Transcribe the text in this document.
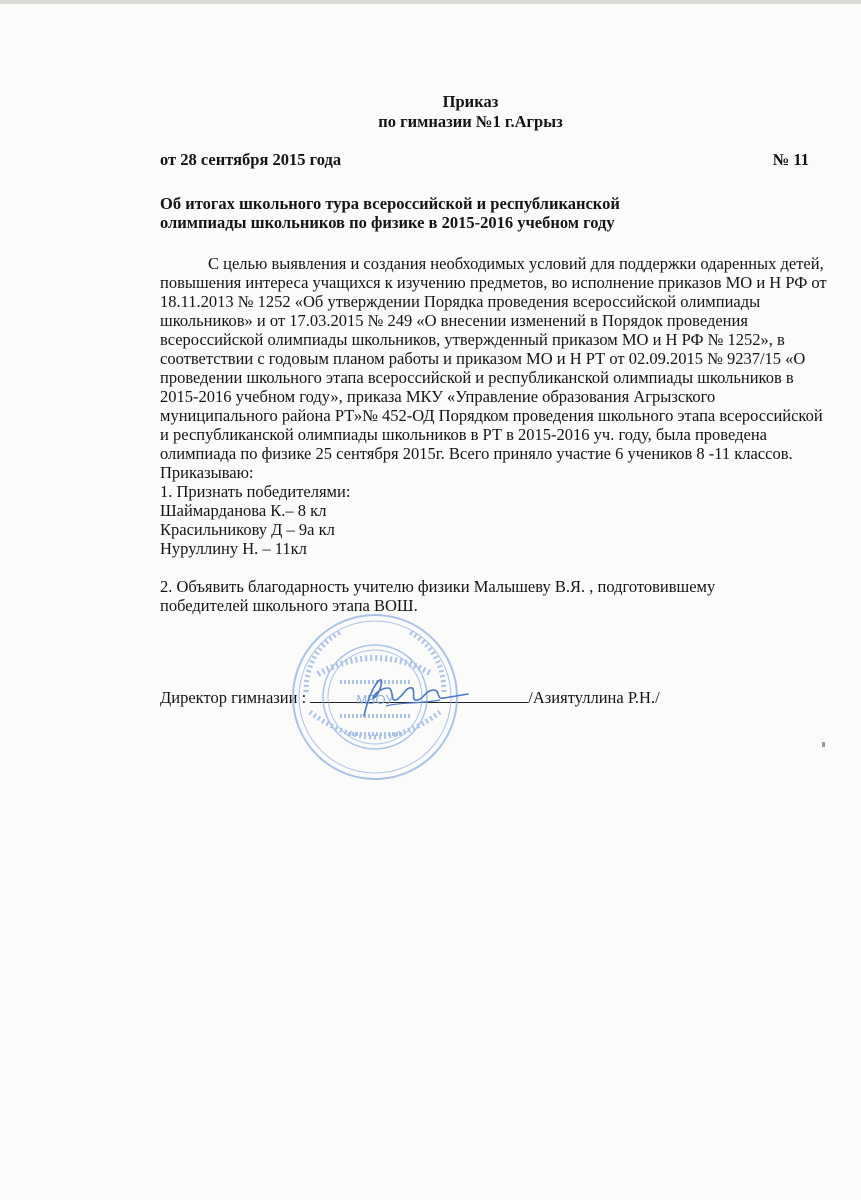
Приказ
по гимназии №1 г.Агрыз
от 28 сентября 2015 года	№ 11
Об итогах школьного тура всероссийской и республиканской
олимпиады школьников по физике в 2015-2016 учебном году

С целью выявления и создания необходимых условий для поддержки одаренных детей, повышения интереса учащихся к изучению предметов, во исполнение приказов МО и Н РФ от 18.11.2013 № 1252 «Об утверждении Порядка проведения всероссийской олимпиады школьников» и от 17.03.2015 № 249 «О внесении изменений в Порядок проведения всероссийской олимпиады школьников, утвержденный приказом МО и Н РФ № 1252», в соответствии с годовым планом работы и приказом МО и Н РТ от 02.09.2015 № 9237/15 «О проведении школьного этапа всероссийской и республиканской олимпиады школьников в 2015-2016 учебном году», приказа МКУ «Управление образования Агрызского муниципального района РТ»№ 452-ОД Порядком проведения школьного этапа всероссийской и республиканской олимпиады школьников в РТ в 2015-2016 уч. году, была проведена олимпиада по физике 25 сентября 2015г. Всего приняло участие 6 учеников 8 -11 классов.

Приказываю:

1. Признать победителями:

Шаймарданова К.– 8 кл

Красильникову Д – 9а кл

Нуруллину Н. – 11кл

2. Объявить благодарность учителю физики Малышеву В.Я. , подготовившему победителей школьного этапа ВОШ.

Директор гимназии :	/Азиятуллина Р.Н./
МБОУ
